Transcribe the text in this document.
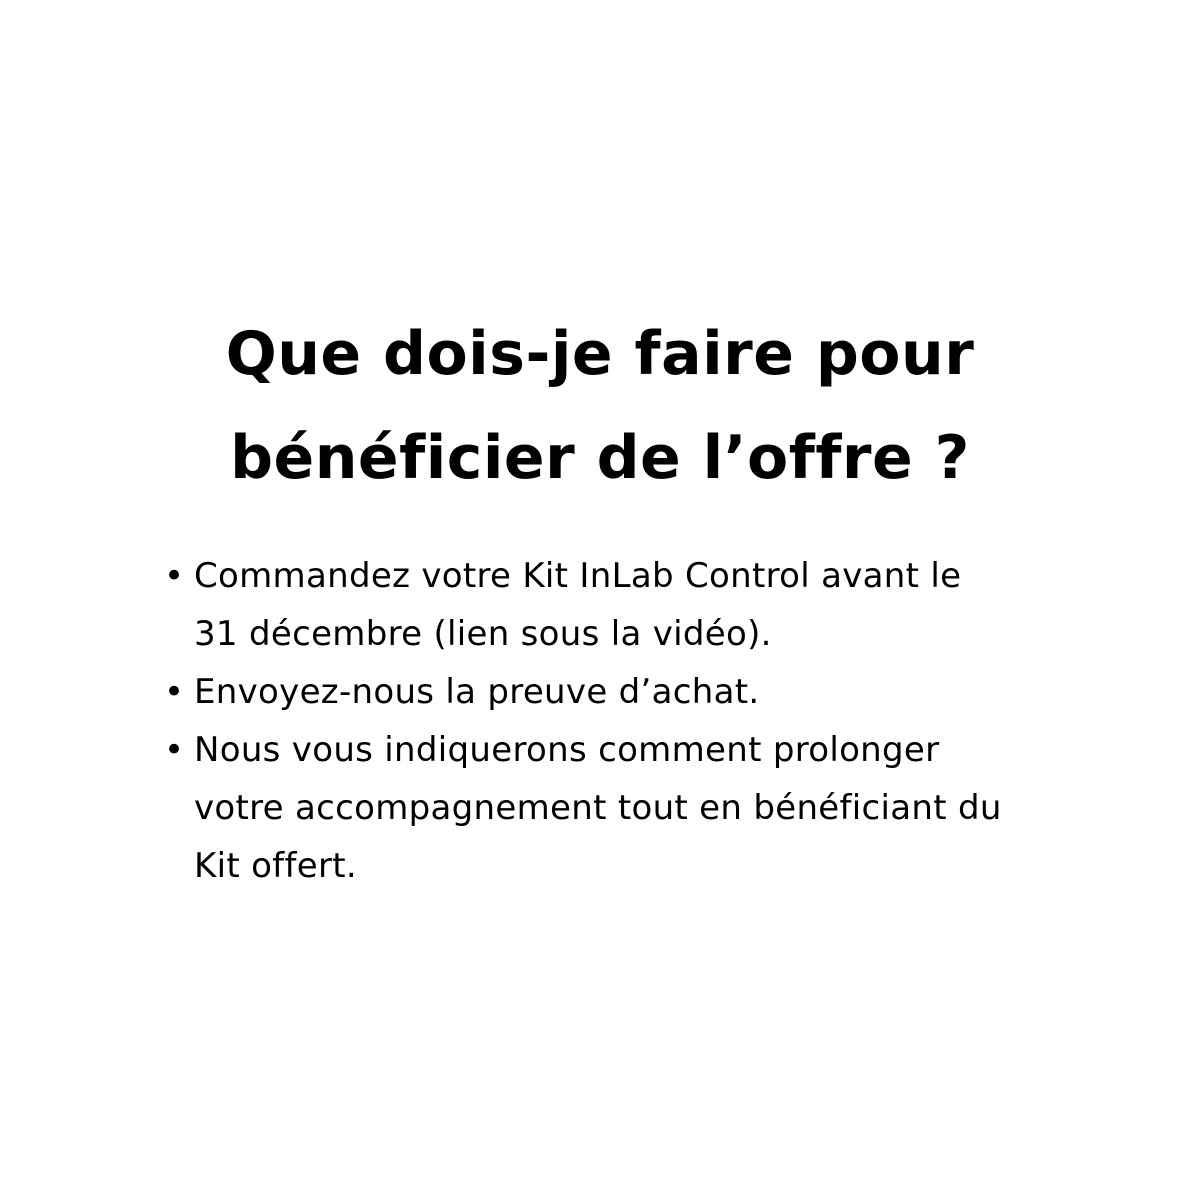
Que dois-je faire pour
bénéficier de l’offre ?
• Commandez votre Kit InLab Control avant le
31 décembre (lien sous la vidéo).
• Envoyez-nous la preuve d’achat.
• Nous vous indiquerons comment prolonger
votre accompagnement tout en bénéficiant du
Kit offert.
